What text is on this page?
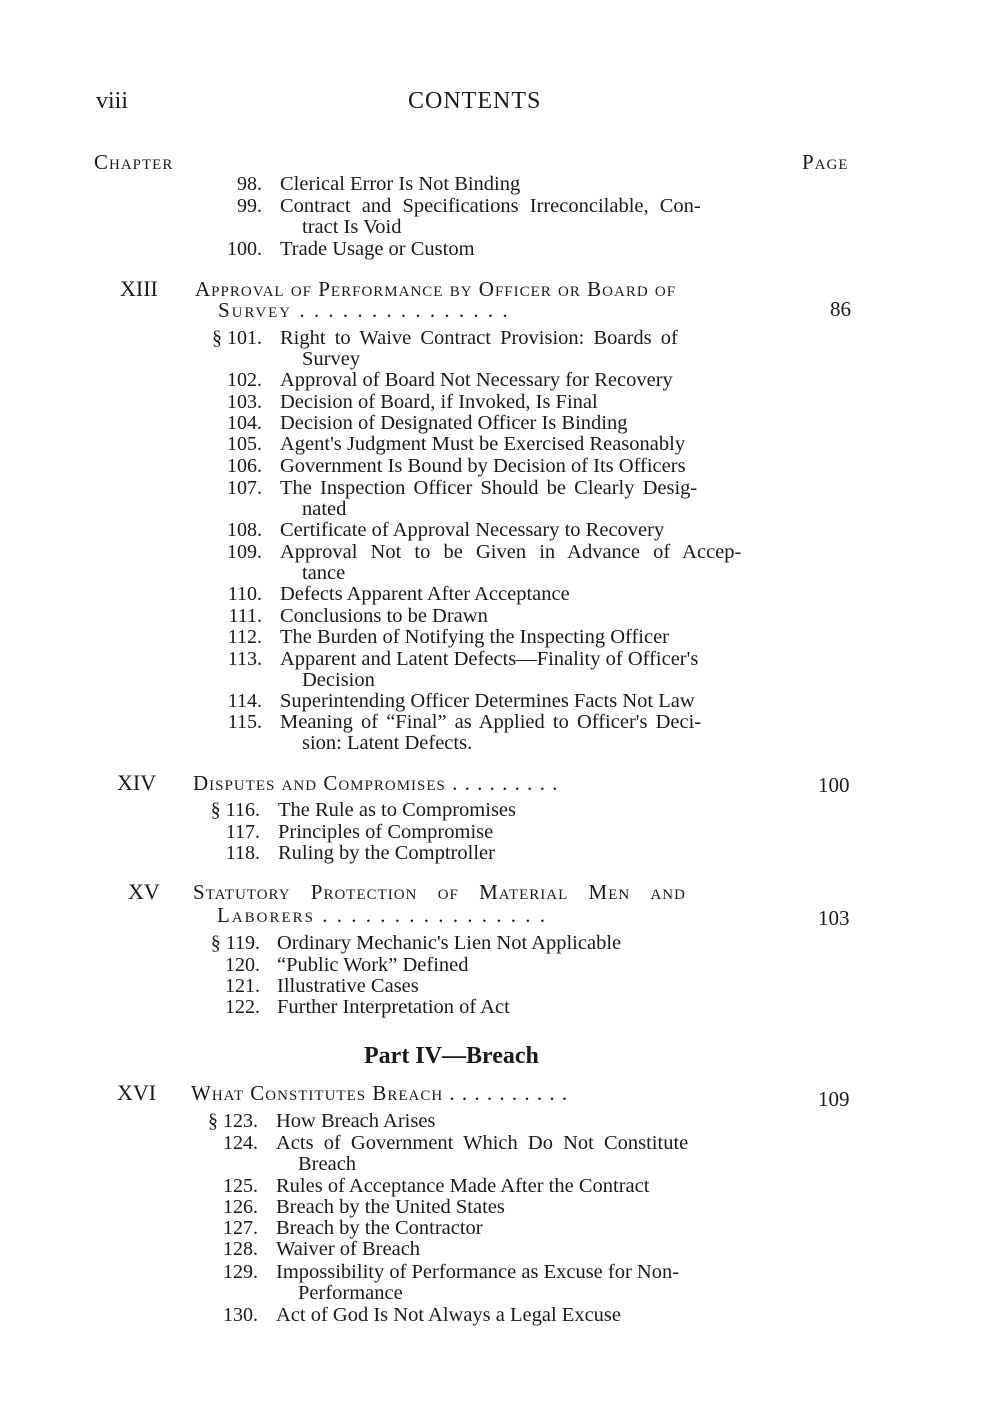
viii	CONTENTS
Chapter	Page
98. Clerical Error Is Not Binding
99. Contract and Specifications Irreconcilable, Con-
tract Is Void
100. Trade Usage or Custom
XIII Approval of Performance by Officer or Board of
Survey . . . . . . . . . . . . . . .	86
§ 101. Right to Waive Contract Provision: Boards of
Survey
102. Approval of Board Not Necessary for Recovery
103. Decision of Board, if Invoked, Is Final
104. Decision of Designated Officer Is Binding
105. Agent's Judgment Must be Exercised Reasonably
106. Government Is Bound by Decision of Its Officers
107. The Inspection Officer Should be Clearly Desig-
nated
108. Certificate of Approval Necessary to Recovery
109. Approval Not to be Given in Advance of Accep-
tance
110. Defects Apparent After Acceptance
111. Conclusions to be Drawn
112. The Burden of Notifying the Inspecting Officer
113. Apparent and Latent Defects—Finality of Officer's
Decision
114. Superintending Officer Determines Facts Not Law
115. Meaning of “Final” as Applied to Officer's Deci-
sion: Latent Defects.
XIV Disputes and Compromises . . . . . . . . .	100
§ 116. The Rule as to Compromises
117. Principles of Compromise
118. Ruling by the Comptroller
XV Statutory Protection of Material Men and
Laborers . . . . . . . . . . . . . . . .	103
§ 119. Ordinary Mechanic's Lien Not Applicable
120. “Public Work” Defined
121. Illustrative Cases
122. Further Interpretation of Act
Part IV—Breach
XVI What Constitutes Breach . . . . . . . . . .	109
§ 123. How Breach Arises
124. Acts of Government Which Do Not Constitute
Breach
125. Rules of Acceptance Made After the Contract
126. Breach by the United States
127. Breach by the Contractor
128. Waiver of Breach
129. Impossibility of Performance as Excuse for Non-
Performance
130. Act of God Is Not Always a Legal Excuse
